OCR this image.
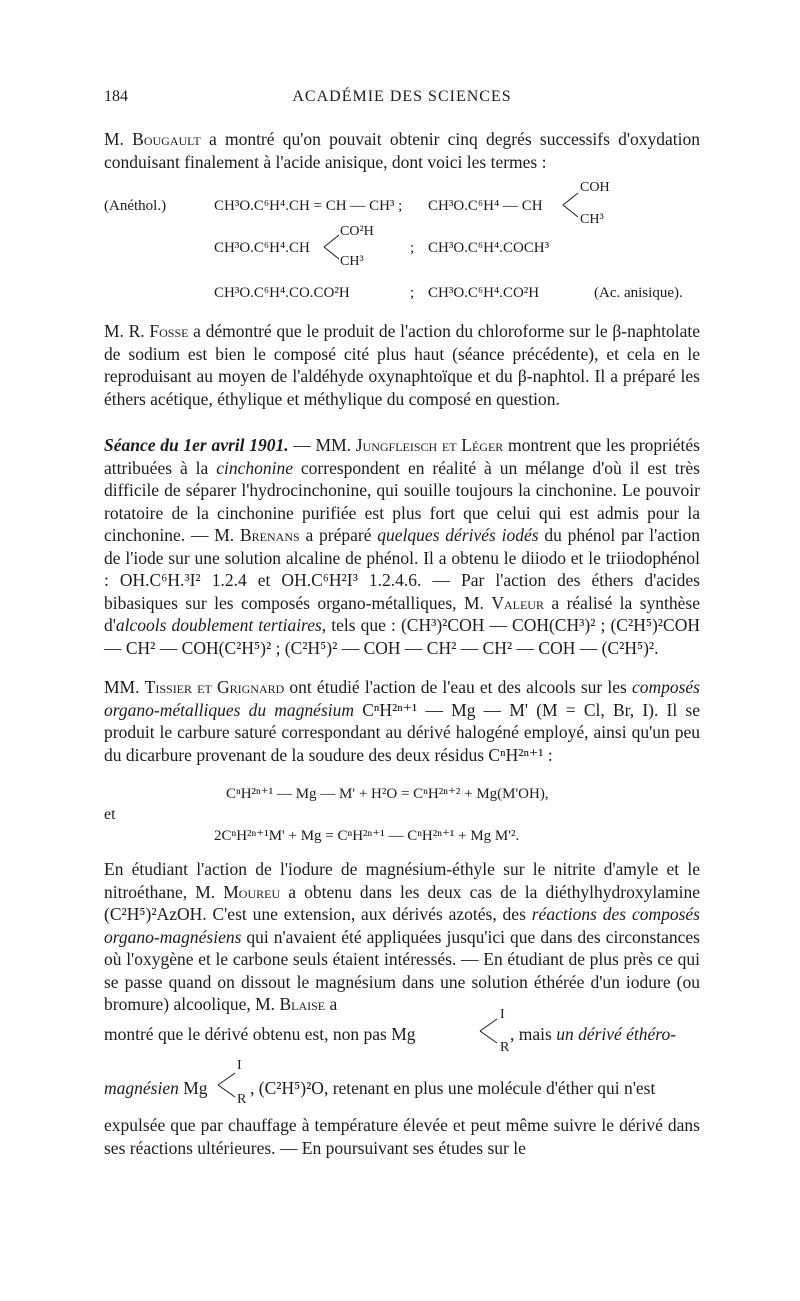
184	ACADÉMIE DES SCIENCES
M. Bougault a montré qu'on pouvait obtenir cinq degrés successifs d'oxydation conduisant finalement à l'acide anisique, dont voici les termes :
(Anéthol.)	CH³O.C⁶H⁴.CH = CH — CH³ ; CH³O.C⁶H⁴ — CH
COH
CH³
CH³O.C⁶H⁴.CH
CO²H
CH³
; CH³O.C⁶H⁴.COCH³
CH³O.C⁶H⁴.CO.CO²H	; CH³O.C⁶H⁴.CO²H	(Ac. anisique).
M. R. Fosse a démontré que le produit de l'action du chloroforme sur le β-naphtolate de sodium est bien le composé cité plus haut (séance précédente), et cela en le reproduisant au moyen de l'aldéhyde oxynaphtoïque et du β-naphtol. Il a préparé les éthers acétique, éthylique et méthylique du composé en question.
Séance du 1er avril 1901. — MM. Jungfleisch et Léger montrent que les propriétés attribuées à la cinchonine correspondent en réalité à un mélange d'où il est très difficile de séparer l'hydrocinchonine, qui souille toujours la cinchonine. Le pouvoir rotatoire de la cinchonine purifiée est plus fort que celui qui est admis pour la cinchonine. — M. Brenans a préparé quelques dérivés iodés du phénol par l'action de l'iode sur une solution alcaline de phénol. Il a obtenu le diiodo et le triiodophénol : OH.C⁶H.³I² 1.2.4 et OH.C⁶H²I³ 1.2.4.6. — Par l'action des éthers d'acides bibasiques sur les composés organo-métalliques, M. Valeur a réalisé la synthèse d'alcools doublement tertiaires, tels que : (CH³)²COH — COH(CH³)² ; (C²H⁵)²COH — CH² — COH(C²H⁵)² ; (C²H⁵)² — COH — CH² — CH² — COH — (C²H⁵)².
MM. Tissier et Grignard ont étudié l'action de l'eau et des alcools sur les composés organo-métalliques du magnésium CⁿH²ⁿ⁺¹ — Mg — M' (M = Cl, Br, I). Il se produit le carbure saturé correspondant au dérivé halogéné employé, ainsi qu'un peu du dicarbure provenant de la soudure des deux résidus CⁿH²ⁿ⁺¹ :
CⁿH²ⁿ⁺¹ — Mg — M' + H²O = CⁿH²ⁿ⁺² + Mg(M'OH),
et
2CⁿH²ⁿ⁺¹M' + Mg = CⁿH²ⁿ⁺¹ — CⁿH²ⁿ⁺¹ + Mg M'².
En étudiant l'action de l'iodure de magnésium-éthyle sur le nitrite d'amyle et le nitroéthane, M. Moureu a obtenu dans les deux cas de la diéthylhydroxylamine (C²H⁵)²AzOH. C'est une extension, aux dérivés azotés, des réactions des composés organo-magnésiens qui n'avaient été appliquées jusqu'ici que dans des circonstances où l'oxygène et le carbone seuls étaient intéressés. — En étudiant de plus près ce qui se passe quand on dissout le magnésium dans une solution éthérée d'un iodure (ou bromure) alcoolique, M. Blaise a
montré que le dérivé obtenu est, non pas Mg
I
R
, mais un dérivé éthéro-
magnésien Mg
I
R
, (C²H⁵)²O, retenant en plus une molécule d'éther qui n'est
expulsée que par chauffage à température élevée et peut même suivre le dérivé dans ses réactions ultérieures. — En poursuivant ses études sur le
